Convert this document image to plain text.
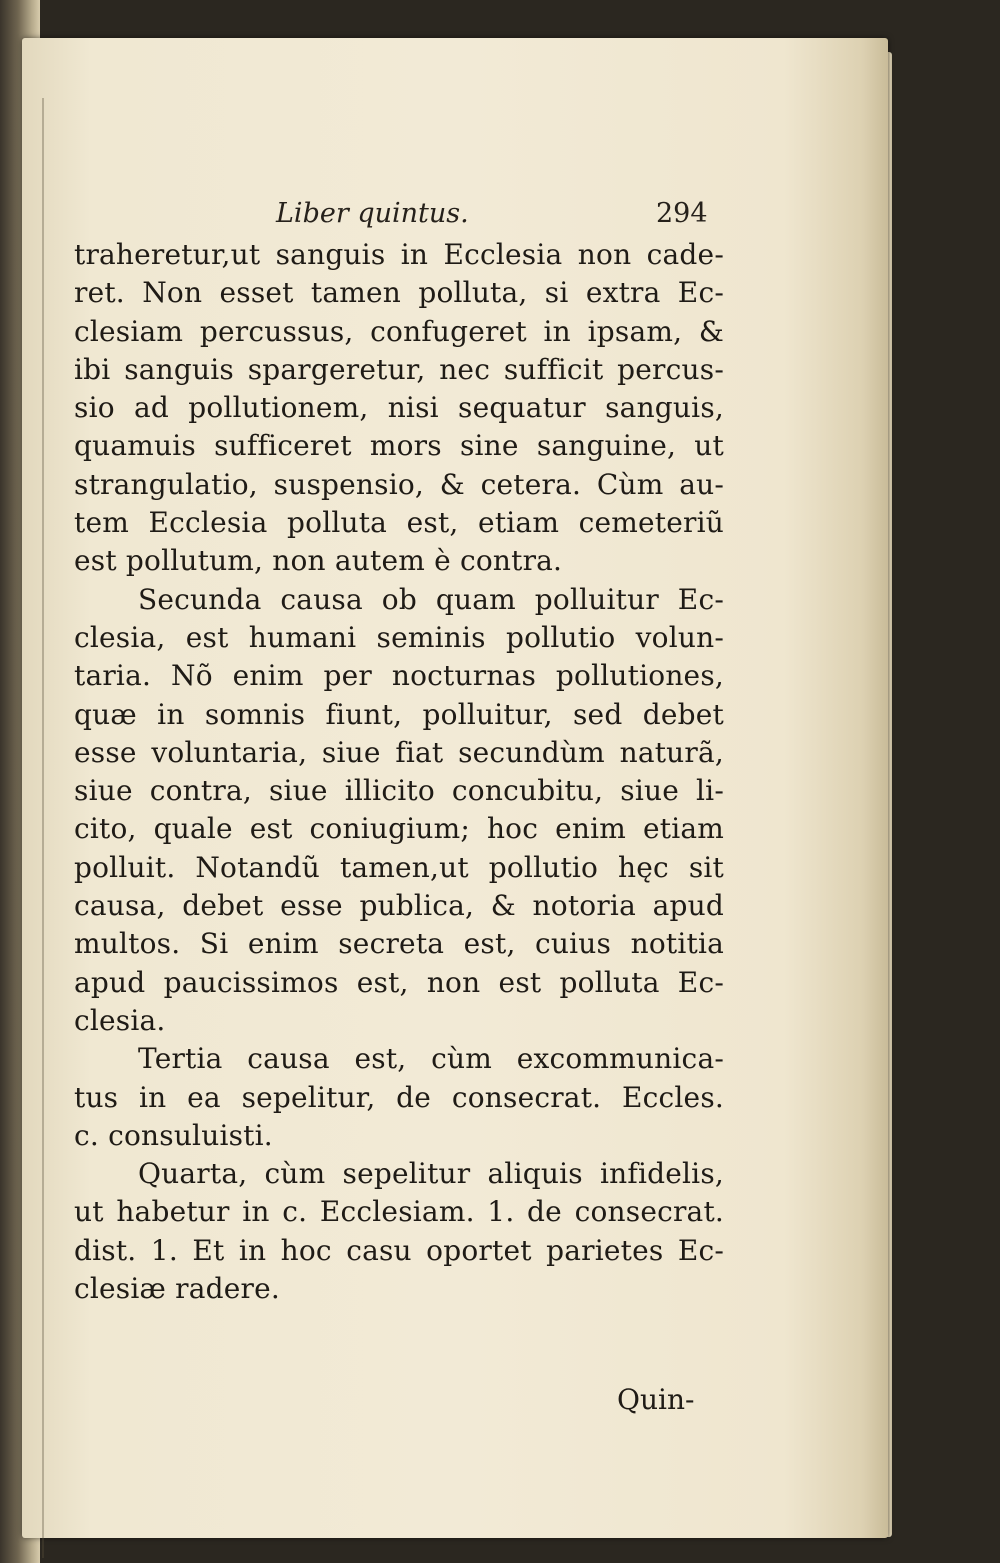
Liber quintus.	294
traheretur,ut sanguis in Ecclesia non cade-
ret. Non esset tamen polluta, si extra Ec-
clesiam percussus, confugeret in ipsam, &
ibi sanguis spargeretur, nec sufficit percus-
sio ad pollutionem, nisi sequatur sanguis,
quamuis sufficeret mors sine sanguine, ut
strangulatio, suspensio, & cetera. Cùm au-
tem Ecclesia polluta est, etiam cemeteriũ
est pollutum, non autem è contra.
Secunda causa ob quam polluitur Ec-
clesia, est humani seminis pollutio volun-
taria. Nõ enim per nocturnas pollutiones,
quæ in somnis fiunt, polluitur, sed debet
esse voluntaria, siue fiat secundùm naturã,
siue contra, siue illicito concubitu, siue li-
cito, quale est coniugium; hoc enim etiam
polluit. Notandũ tamen,ut pollutio hęc sit
causa, debet esse publica, & notoria apud
multos. Si enim secreta est, cuius notitia
apud paucissimos est, non est polluta Ec-
clesia.
Tertia causa est, cùm excommunica-
tus in ea sepelitur, de consecrat. Eccles.
c. consuluisti.
Quarta, cùm sepelitur aliquis infidelis,
ut habetur in c. Ecclesiam. 1. de consecrat.
dist. 1. Et in hoc casu oportet parietes Ec-
clesiæ radere.
Quin-
